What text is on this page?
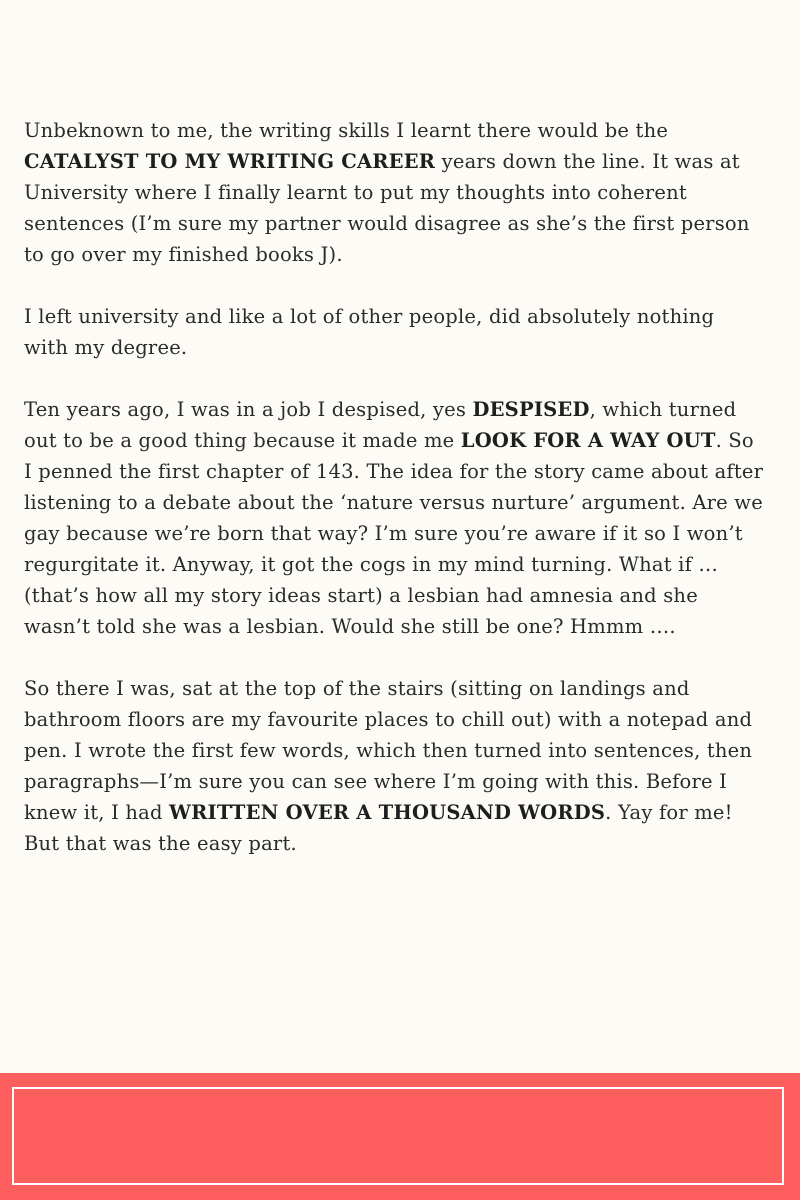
Unbeknown to me, the writing skills I learnt there would be the CATALYST TO MY WRITING CAREER years down the line. It was at University where I finally learnt to put my thoughts into coherent sentences (I’m sure my partner would disagree as she’s the first person to go over my finished books J).

I left university and like a lot of other people, did absolutely nothing with my degree.

Ten years ago, I was in a job I despised, yes DESPISED, which turned out to be a good thing because it made me LOOK FOR A WAY OUT. So I penned the first chapter of 143. The idea for the story came about after listening to a debate about the ‘nature versus nurture’ argument. Are we gay because we’re born that way? I’m sure you’re aware if it so I won’t regurgitate it. Anyway, it got the cogs in my mind turning. What if … (that’s how all my story ideas start) a lesbian had amnesia and she wasn’t told she was a lesbian. Would she still be one? Hmmm ….

So there I was, sat at the top of the stairs (sitting on landings and bathroom floors are my favourite places to chill out) with a notepad and pen. I wrote the first few words, which then turned into sentences, then paragraphs—I’m sure you can see where I’m going with this. Before I knew it, I had WRITTEN OVER A THOUSAND WORDS. Yay for me! But that was the easy part.
